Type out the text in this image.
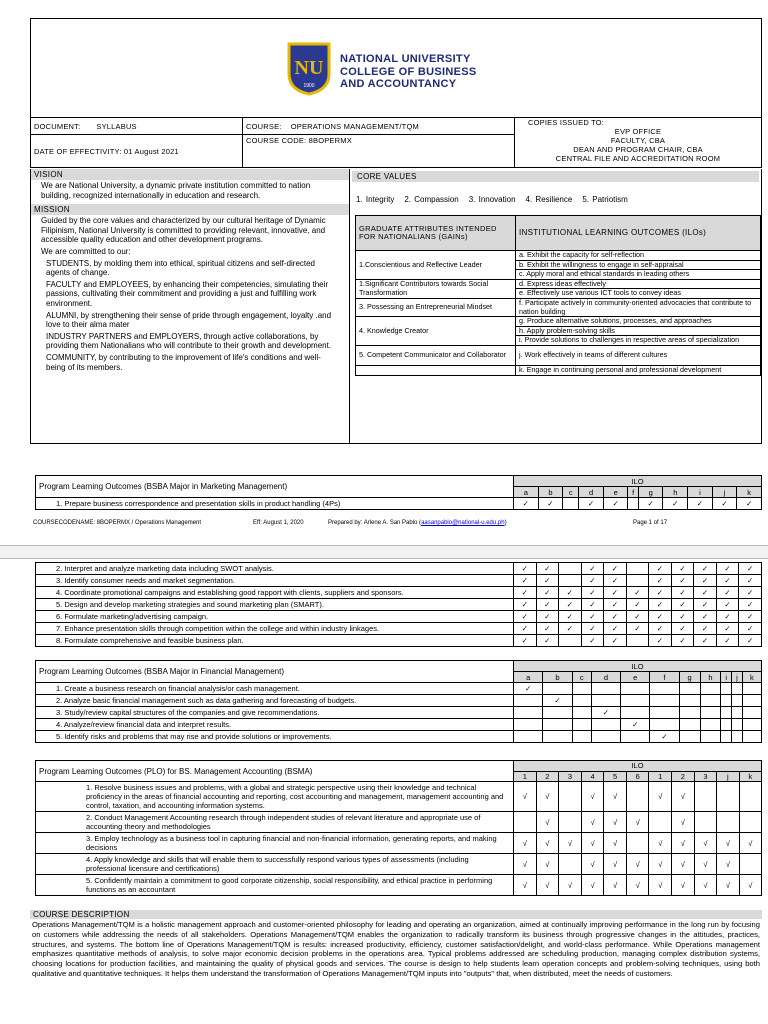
NU
1900
NATIONAL UNIVERSITY
COLLEGE OF BUSINESS
AND ACCOUNTANCY
DOCUMENT: SYLLABUS	COURSE: OPERATIONS MANAGEMENT/TQM	COPIES ISSUED TO:
EVP OFFICE
FACULTY, CBA
DEAN AND PROGRAM CHAIR, CBA
CENTRAL FILE AND ACCREDITATION ROOM

DATE OF EFFECTIVITY: 01 August 2021	COURSE CODE: 8BOPERMX	
VISION

We are National University, a dynamic private institution committed to nation building, recognized internationally in education and research.

MISSION

Guided by the core values and characterized by our cultural heritage of Dynamic Filipinism, National University is committed to providing relevant, innovative, and accessible quality education and other development programs.

We are committed to our:

STUDENTS, by molding them into ethical, spiritual citizens and self-directed agents of change.

FACULTY and EMPLOYEES, by enhancing their competencies, simulating their passions, cultivating their commitment and providing a just and fulfilling work environment.

ALUMNI, by strengthening their sense of pride through engagement, loyalty .and love to their alma mater

INDUSTRY PARTNERS and EMPLOYERS, through active collaborations, by providing them Nationalians who will contribute to their growth and development.

COMMUNITY, by contributing to the improvement of life's conditions and well-being of its members.

CORE VALUES
1. Integrity 2. Compassion 3. Innovation 4. Resilience 5. Patriotism
GRADUATE ATTRIBUTES INTENDED FOR NATIONALIANS (GAINs)	INSTITUTIONAL LEARNING OUTCOMES (ILOs)
1.Conscientious and Reflective Leader	a. Exhibit the capacity for self-reflection
	b. Exhibit the willingness to engage in self-appraisal
	c. Apply moral and ethical standards in leading others
1.Significant Contributors towards Social Transformation	d. Express ideas effectively
	e. Effectively use various ICT tools to convey ideas
3. Possessing an Entrepreneurial Mindset	f. Participate actively in community-oriented advocacies that contribute to nation building
4. Knowledge Creator	g. Produce alternative solutions, processes, and approaches
	h. Apply problem-solving skills
	i. Provide solutions to challenges in respective areas of specialization
5. Competent Communicator and Collaborator	j. Work effectively in teams of different cultures
	k. Engage in continuing personal and professional development
Program Learning Outcomes (BSBA Major in Marketing Management)	ILO										
	a	b	c	d	e	f	g	h	i	j	k
1. Prepare business correspondence and presentation skills in product handling (4Ps)	✓	✓		✓	✓		✓	✓	✓	✓	✓
COURSECODENAME: 8BOPERMX / Operations Management	Eff: August 1, 2020	Prepared by: Arlene A. San Pablo (aasanpablo@national-u.edu.ph)	Page 1 of 17
2. Interpret and analyze marketing data including SWOT analysis.	✓	✓		✓	✓		✓	✓	✓	✓	✓
3. Identify consumer needs and market segmentation.	✓	✓		✓	✓		✓	✓	✓	✓	✓
4. Coordinate promotional campaigns and establishing good rapport with clients, suppliers and sponsors.	✓	✓	✓	✓	✓	✓	✓	✓	✓	✓	✓
5. Design and develop marketing strategies and sound marketing plan (SMART).	✓	✓	✓	✓	✓	✓	✓	✓	✓	✓	✓
6. Formulate marketing/advertising campaign.	✓	✓	✓	✓	✓	✓	✓	✓	✓	✓	✓
7. Enhance presentation skills through competition within the college and within industry linkages.	✓	✓	✓	✓	✓	✓	✓	✓	✓	✓	✓
8. Formulate comprehensive and feasible business plan.	✓	✓		✓	✓		✓	✓	✓	✓	✓
Program Learning Outcomes (BSBA Major in Financial Management)	ILO										
	a	b	c	d	e	f	g	h	i	j	k
1. Create a business research on financial analysis/or cash management.	✓										
2. Analyze basic financial management such as data gathering and forecasting of budgets.		✓									
3. Study/review capital structures of the companies and give recommendations.				✓							
4. Analyze/review financial data and interpret results.					✓						
5. Identify risks and problems that may rise and provide solutions or improvements.						✓					
Program Learning Outcomes (PLO) for BS. Management Accounting (BSMA)	ILO										
	1	2	3	4	5	6	1	2	3	j	k
1. Resolve business issues and problems, with a global and strategic perspective using their knowledge and technical proficiency in the areas of financial accounting and reporting, cost accounting and management, management accounting and control, taxation, and accounting information systems.	√	√		√	√		√	√			
2. Conduct Management Accounting research through independent studies of relevant literature and appropriate use of accounting theory and methodologies		√		√	√	√		√			
3. Employ technology as a business tool in capturing financial and non-financial information, generating reports, and making decisions	√	√	√	√	√		√	√	√	√	√
4. Apply knowledge and skills that will enable them to successfully respond various types of assessments (including professional licensure and certifications)	√	√		√	√	√	√	√	√	√	
5. Confidently maintain a commitment to good corporate citizenship, social responsibility, and ethical practice in performing functions as an accountant	√	√	√	√	√	√	√	√	√	√	√
COURSE DESCRIPTION

Operations Management/TQM is a holistic management approach and customer-oriented philosophy for leading and operating an organization, aimed at continually improving performance in the long run by focusing on customers while addressing the needs of all stakeholders. Operations Management/TQM enables the organization to radically transform its business through progressive changes in the attitudes, practices, structures, and systems. The bottom line of Operations Management/TQM is results: increased productivity, efficiency, customer satisfaction/delight, and world-class performance. While Operations management emphasizes quantitative methods of analysis, to solve major economic decision problems in the operations area. Typical problems addressed are scheduling production, managing complex distribution systems, choosing locations for production facilities, and maintaining the quality of physical goods and services. The course is design to help students learn operation concepts and problem-solving techniques, using both qualitative and quantitative techniques. It helps them understand the transformation of Operations Management/TQM inputs into "outputs" that, when distributed, meet the needs of customers.
